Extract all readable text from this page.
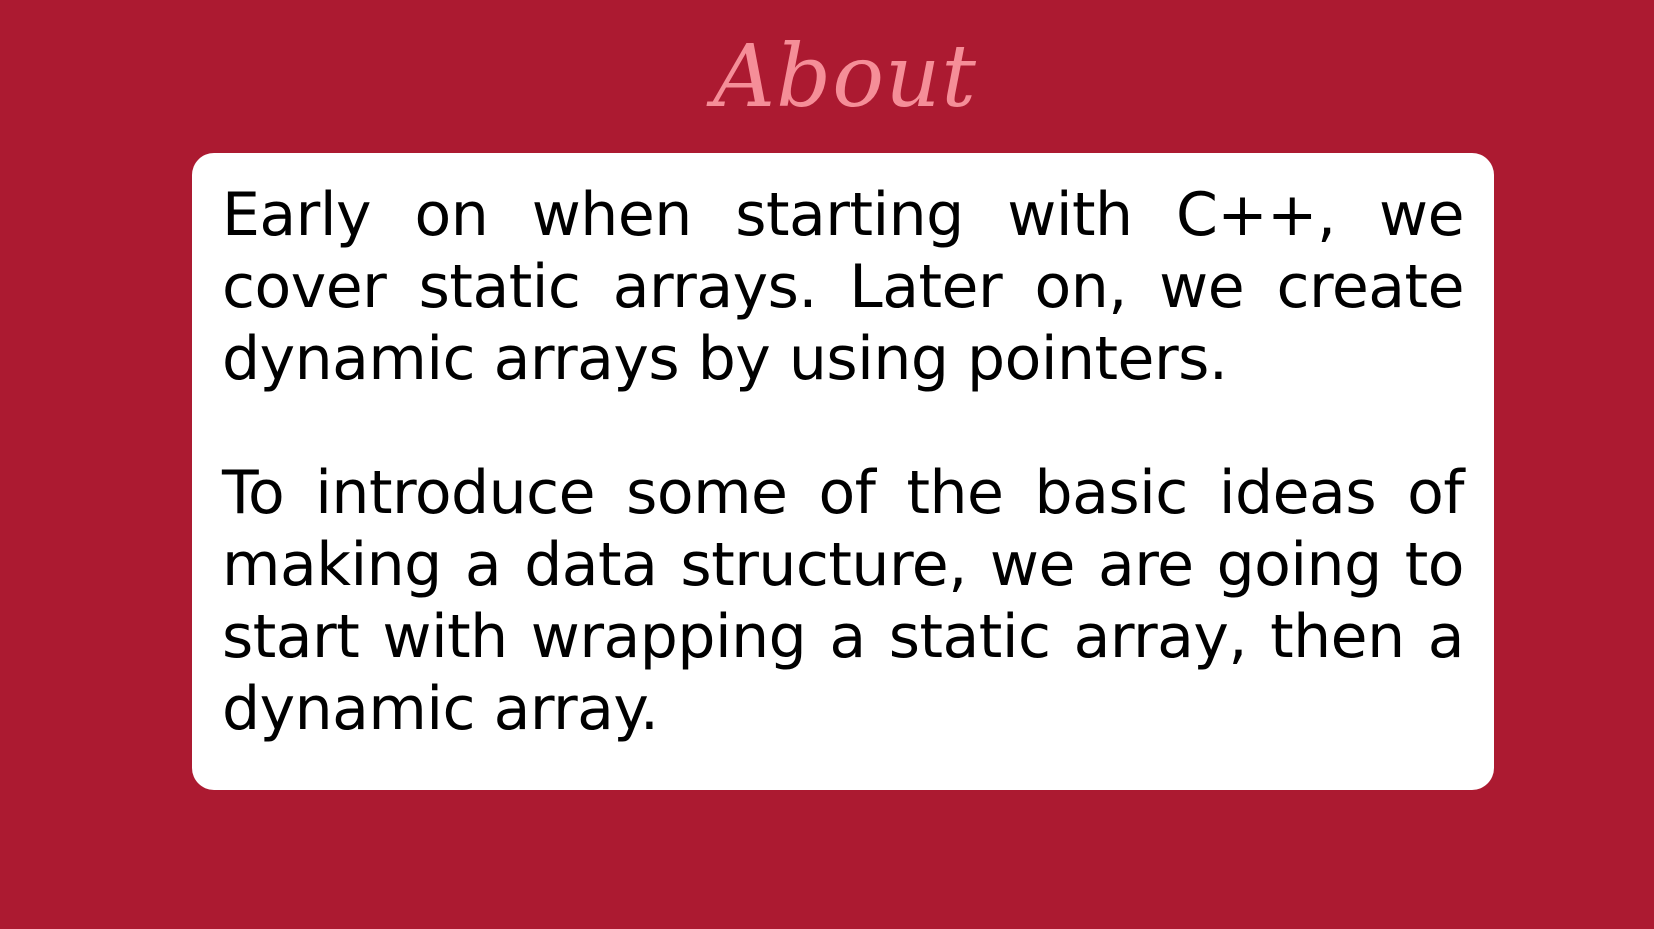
About

Early on when starting with C++, we cover static arrays. Later on, we create dynamic arrays by using pointers.

To introduce some of the basic ideas of making a data structure, we are going to start with wrapping a static array, then a dynamic array.
